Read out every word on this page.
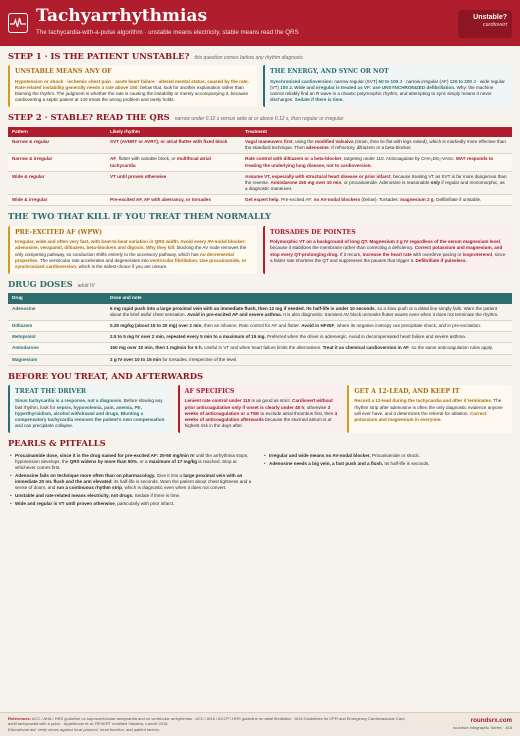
Tachyarrhythmias
The tachycardia-with-a-pulse algorithm · unstable means electricity, stable means read the QRS
Unstable?
cardiovert
STEP 1 · IS THE PATIENT UNSTABLE? this question comes before any rhythm diagnosis
UNSTABLE MEANS ANY OF
Hypotension or shock · ischemic chest pain · acute heart failure · altered mental status, caused by the rate. Rate-related instability generally needs a rate above 150; below that, look for another explanation rather than blaming the rhythm. The judgment is whether the rate is causing the instability or merely accompanying it, because cardioverting a septic patient at 140 treats the wrong problem and rarely holds.
THE ENERGY, AND SYNC OR NOT
Synchronized cardioversion: narrow regular (SVT) 50 to 100 J · narrow irregular (AF) 120 to 200 J · wide regular (VT) 100 J. Wide and irregular is treated as VF: use UNSYNCHRONIZED defibrillation. Why: the machine cannot reliably find an R wave in a chaotic polymorphic rhythm, and attempting to sync simply means it never discharges. Sedate if there is time.
STEP 2 · STABLE? READ THE QRS narrow under 0.12 s versus wide at or above 0.12 s, then regular or irregular
Pattern	Likely rhythm	Treatment
Narrow & regular	SVT (AVNRT or AVRT), or atrial flutter with fixed block	Vagal maneuvers first, using the modified Valsalva (strain, then lie flat with legs raised), which is markedly more effective than the standard technique. Then adenosine. If refractory, diltiazem or a beta-blocker.
Narrow & irregular	AF, flutter with variable block, or multifocal atrial tachycardia	Rate control with diltiazem or a beta-blocker, targeting under 110. Anticoagulate by CHA₂DS₂-VASc. MAT responds to treating the underlying lung disease, not to cardioversion.
Wide & regular	VT until proven otherwise	Assume VT, especially with structural heart disease or prior infarct, because treating VT as SVT is far more dangerous than the reverse. Amiodarone 150 mg over 10 min, or procainamide. Adenosine is reasonable only if regular and monomorphic, as a diagnostic maneuver.
Wide & irregular	Pre-excited AF, AF with aberrancy, or torsades	Get expert help. Pre-excited AF: no AV-nodal blockers (below). Torsades: magnesium 2 g. Defibrillate if unstable.
THE TWO THAT KILL IF YOU TREAT THEM NORMALLY
PRE-EXCITED AF (WPW)
Irregular, wide and often very fast, with beat-to-beat variation in QRS width. Avoid every AV-nodal blocker: adenosine, verapamil, diltiazem, beta-blockers and digoxin. Why they kill: blocking the AV node removes the only competing pathway, so conduction shifts entirely to the accessory pathway, which has no decremental properties. The ventricular rate accelerates and degenerates into ventricular fibrillation. Use procainamide, or synchronized cardioversion, which is the safest choice if you are unsure.
TORSADES DE POINTES
Polymorphic VT on a background of long QT. Magnesium 2 g IV regardless of the serum magnesium level, because it stabilizes the membrane rather than correcting a deficiency. Correct potassium and magnesium, and stop every QT-prolonging drug. If it recurs, increase the heart rate with overdrive pacing or isoproterenol, since a faster rate shortens the QT and suppresses the pauses that trigger it. Defibrillate if pulseless.
DRUG DOSES adult IV
Drug	Dose and note
Adenosine	6 mg rapid push into a large proximal vein with an immediate flush, then 12 mg if needed. Its half-life is under 10 seconds, so a slow push or a distal line simply fails. Warn the patient about the brief awful chest sensation. Avoid in pre-excited AF and severe asthma. It is also diagnostic: transient AV block unmasks flutter waves even when it does not terminate the rhythm.
Diltiazem	0.25 mg/kg (about 15 to 20 mg) over 2 min, then an infusion. Rate control for AF and flutter. Avoid in HFrEF, where its negative inotropy can precipitate shock, and in pre-excitation.
Metoprolol	2.5 to 5 mg IV over 2 min, repeated every 5 min to a maximum of 15 mg. Preferred when the driver is adrenergic. Avoid in decompensated heart failure and severe asthma.
Amiodarone	150 mg over 10 min, then 1 mg/min for 6 h. Useful in VT and when heart failure limits the alternatives. Treat it as chemical cardioversion in AF, so the same anticoagulation rules apply.
Magnesium	2 g IV over 10 to 15 min for torsades, irrespective of the level.
BEFORE YOU TREAT, AND AFTERWARDS
TREAT THE DRIVER
Sinus tachycardia is a response, not a diagnosis. Before slowing any fast rhythm, look for sepsis, hypovolemia, pain, anemia, PE, hyperthyroidism, alcohol withdrawal and drugs. Blunting a compensatory tachycardia removes the patient's own compensation and can precipitate collapse.
AF SPECIFICS
Lenient rate control under 110 is as good as strict. Cardiovert without prior anticoagulation only if onset is clearly under 48 h; otherwise 3 weeks of anticoagulation or a TEE to exclude atrial thrombus first, then 4 weeks of anticoagulation afterwards because the stunned atrium is at highest risk in the days after.
GET A 12-LEAD, AND KEEP IT
Record a 12-lead during the tachycardia and after it terminates. The rhythm strip after adenosine is often the only diagnostic evidence anyone will ever have, and it determines the referral for ablation. Correct potassium and magnesium in everyone.
PEARLS & PITFALLS
• Procainamide dose, since it is the drug named for pre-excited AF: 20-50 mg/min IV until the arrhythmia stops, hypotension develops, the QRS widens by more than 50%, or a maximum of 17 mg/kg is reached. Stop at whichever comes first.
• Adenosine fails on technique more often than on pharmacology. Give it into a large proximal vein with an immediate 20 mL flush and the arm elevated: its half-life is seconds. Warn the patient about chest tightness and a sense of doom, and run a continuous rhythm strip, which is diagnostic even when it does not convert.
• Unstable and rate-related means electricity, not drugs. Sedate if there is time.
• Wide and regular is VT until proven otherwise, particularly with prior infarct.
• Irregular and wide means no AV-nodal blocker. Procainamide or shock.
• Adenosine needs a big vein, a fast push and a flush. Its half-life is seconds.
References: ACC / AHA / HRS guideline on supraventricular tachycardia and on ventricular arrhythmias · ACC / AHA / ACCP / HRS guideline on atrial fibrillation · AHA Guidelines for CPR and Emergency Cardiovascular Care, adult tachycardia with a pulse · Appelboam et al, REVERT modified Valsalva, Lancet 2015.
Educational aid: verify doses against local protocol, renal function, and patient factors.
roundsrx.com
roundsrx Infographic Series · #18
